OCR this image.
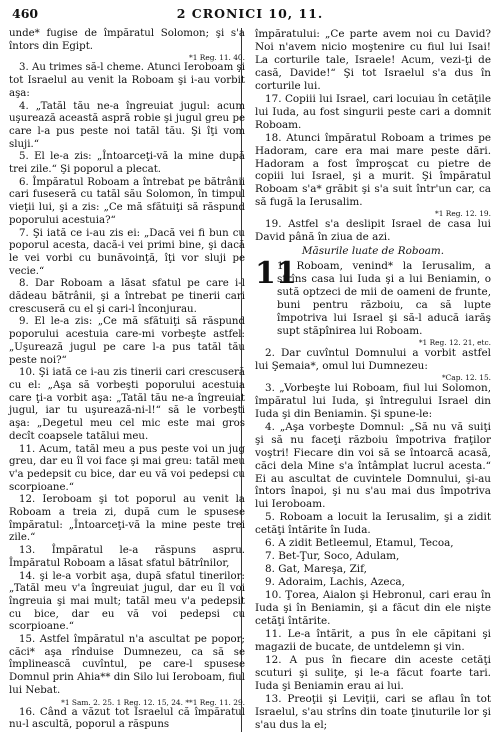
460	2 CRONICI 10, 11.

unde* fugise de împăratul Solomon; şi s'a întors din Egipt.

*1 Reg. 11. 40.

3. Au trimes să-l cheme. Atunci Ieroboam şi tot Israelul au venit la Roboam şi i-au vorbit aşa:

4. „Tatăl tău ne-a îngreuiat jugul: acum uşurează această aspră robie şi jugul greu pe care l-a pus peste noi tatăl tău. Şi îţi vom sluji.“

5. El le-a zis: „Întoarceţi-vă la mine după trei zile.“ Şi poporul a plecat.

6. Împăratul Roboam a întrebat pe bătrânii cari fuseseră cu tatăl său Solomon, în timpul vieţii lui, şi a zis: „Ce mă sfătuiţi să răspund poporului acestuia?“

7. Şi iată ce i-au zis ei: „Dacă vei fi bun cu poporul acesta, dacă-i vei primi bine, şi dacă le vei vorbi cu bunăvoinţă, îţi vor sluji pe vecie.“

8. Dar Roboam a lăsat sfatul pe care i-l dădeau bătrânii, şi a întrebat pe tinerii cari crescuseră cu el şi cari-l înconjurau.

9. El le-a zis: „Ce mă sfătuiţi să răspund poporului acestuia care-mi vorbeşte astfel: „Uşurează jugul pe care l-a pus tatăl tău peste noi?“

10. Şi iată ce i-au zis tinerii cari crescuseră cu el: „Aşa să vorbeşti poporului acestuia care ţi-a vorbit aşa: „Tatăl tău ne-a îngreuiat jugul, iar tu uşurează-ni-l!“ să le vorbeşti aşa: „Degetul meu cel mic este mai gros decît coapsele tatălui meu.

11. Acum, tatăl meu a pus peste voi un jug greu, dar eu îl voi face şi mai greu: tatăl meu v'a pedepsit cu bice, dar eu vă voi pedepsi cu scorpioane.“

12. Ieroboam şi tot poporul au venit la Roboam a treia zi, după cum le spusese împăratul: „Întoarceţi-vă la mine peste trei zile.“

13. Împăratul le-a răspuns aspru. Împăratul Roboam a lăsat sfatul bătrînilor,

14. şi le-a vorbit aşa, după sfatul tinerilor: „Tatăl meu v'a îngreuiat jugul, dar eu îl voi îngreuia şi mai mult; tatăl meu v'a pedepsit cu bice, dar eu vă voi pedepsi cu scorpioane.“

15. Astfel împăratul n'a ascultat pe popor; căci* aşa rînduise Dumnezeu, ca să se împlinească cuvîntul, pe care-l spusese Domnul prin Ahia** din Silo lui Ieroboam, fiul lui Nebat.

*1 Sam. 2. 25. 1 Reg. 12. 15, 24. **1 Reg. 11. 29.

16. Când a văzut tot Israelul că împăratul nu-l ascultă, poporul a răspuns

împăratului: „Ce parte avem noi cu David? Noi n'avem nicio moştenire cu fiul lui Isai! La corturile tale, Israele! Acum, vezi-ţi de casă, Davide!“ Şi tot Israelul s'a dus în corturile lui.

17. Copiii lui Israel, cari locuiau în cetăţile lui Iuda, au fost singurii peste cari a domnit Roboam.

18. Atunci împăratul Roboam a trimes pe Hadoram, care era mai mare peste dări. Hadoram a fost împroşcat cu pietre de copiii lui Israel, şi a murit. Şi împăratul Roboam s'a* grăbit şi s'a suit într'un car, ca să fugă la Ierusalim.

*1 Reg. 12. 19.

19. Astfel s'a deslipit Israel de casa lui David până în ziua de azi.

Măsurile luate de Roboam.

11
1. Roboam, venind* la Ierusalim, a strîns casa lui Iuda şi a lui Beniamin, o sută optzeci de mii de oameni de frunte, buni pentru războiu, ca să lupte împotriva lui Israel şi să-l aducă iarăş supt stăpînirea lui Roboam.

*1 Reg. 12. 21, etc.

2. Dar cuvîntul Domnului a vorbit astfel lui Şemaia*, omul lui Dumnezeu:

*Cap. 12. 15.

3. „Vorbeşte lui Roboam, fiul lui Solomon, împăratul lui Iuda, şi întregului Israel din Iuda şi din Beniamin. Şi spune-le:

4. „Aşa vorbeşte Domnul: „Să nu vă suiţi şi să nu faceţi războiu împotriva fraţilor voştri! Fiecare din voi să se întoarcă acasă, căci dela Mine s'a întâmplat lucrul acesta.“ Ei au ascultat de cuvintele Domnului, şi-au întors înapoi, şi nu s'au mai dus împotriva lui Ieroboam.

5. Roboam a locuit la Ierusalim, şi a zidit cetăţi întărite în Iuda.

6. A zidit Betleemul, Etamul, Tecoa,

7. Bet-Ţur, Soco, Adulam,

8. Gat, Mareşa, Zif,

9. Adoraim, Lachis, Azeca,

10. Ţorea, Aialon şi Hebronul, cari erau în Iuda şi în Beniamin, şi a făcut din ele nişte cetăţi întărite.

11. Le-a întărit, a pus în ele căpitani şi magazii de bucate, de untdelemn şi vin.

12. A pus în fiecare din aceste cetăţi scuturi şi suliţe, şi le-a făcut foarte tari. Iuda şi Beniamin erau ai lui.

13. Preoţii şi Leviţii, cari se aflau în tot Israelul, s'au strîns din toate ţinuturile lor şi s'au dus la el;
